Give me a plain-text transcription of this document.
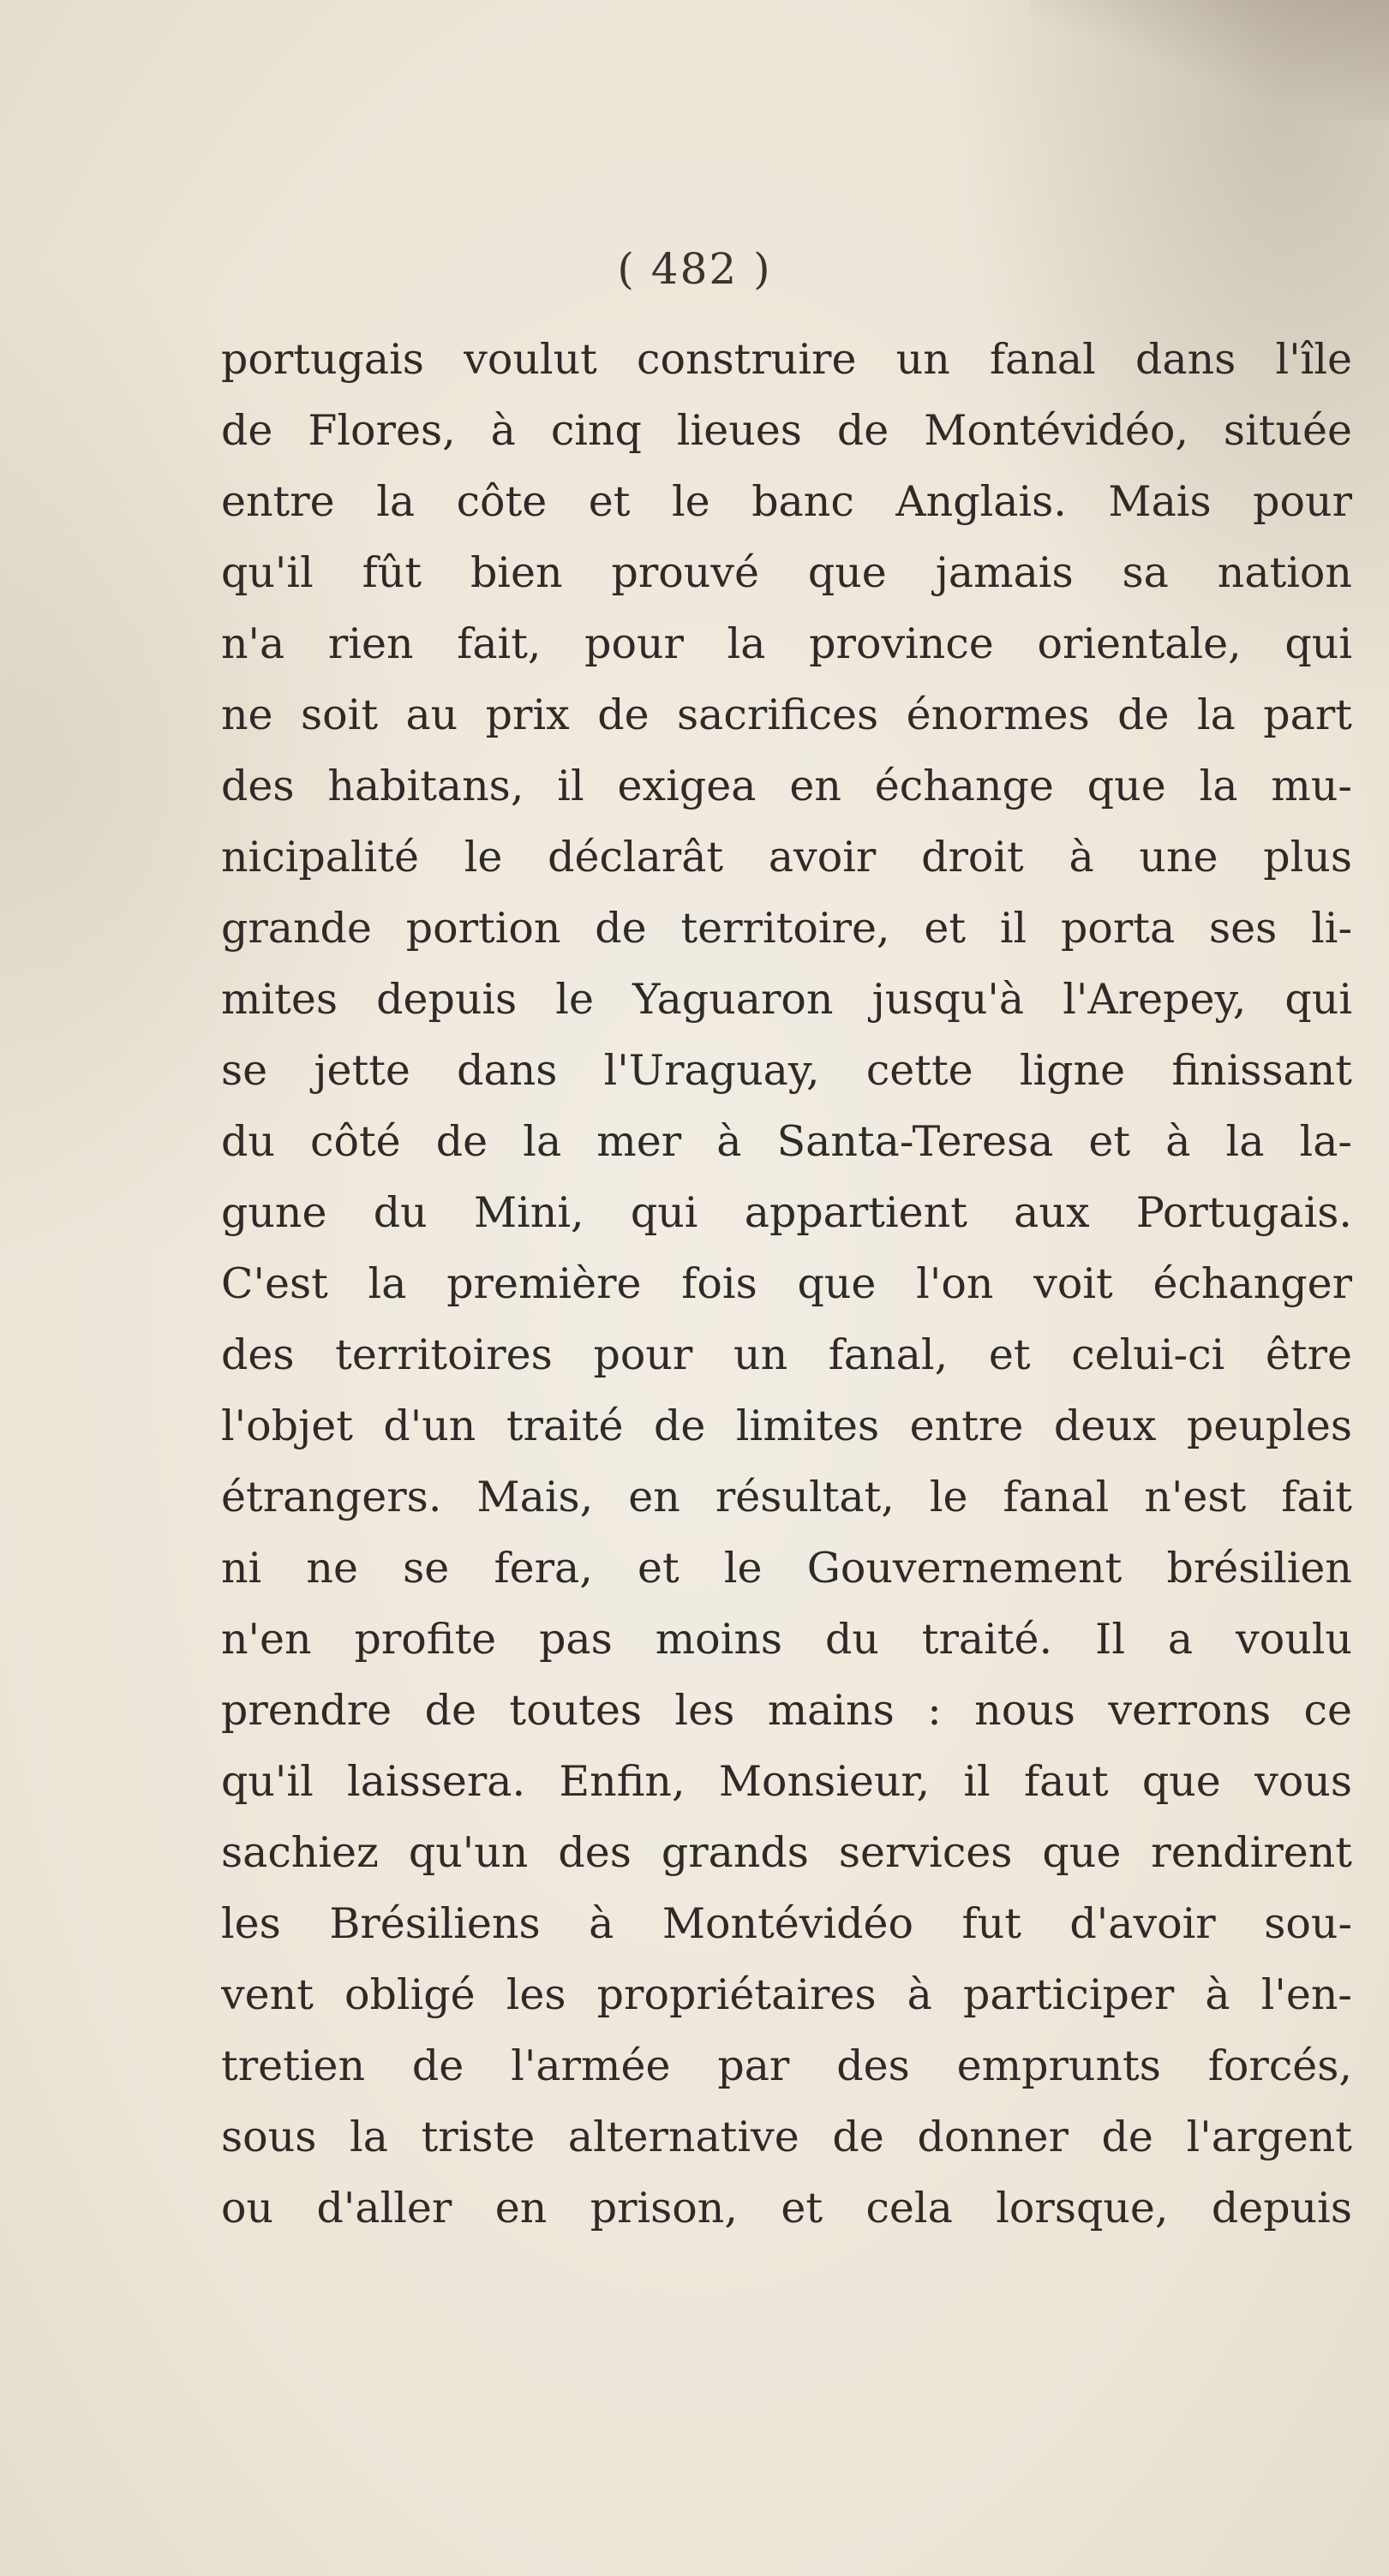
( 482 )
portugais voulut construire un fanal dans l'île
de Flores, à cinq lieues de Montévidéo, située
entre la côte et le banc Anglais. Mais pour
qu'il fût bien prouvé que jamais sa nation
n'a rien fait, pour la province orientale, qui
ne soit au prix de sacrifices énormes de la part
des habitans, il exigea en échange que la mu-
nicipalité le déclarât avoir droit à une plus
grande portion de territoire, et il porta ses li-
mites depuis le Yaguaron jusqu'à l'Arepey, qui
se jette dans l'Uraguay, cette ligne finissant
du côté de la mer à Santa-Teresa et à la la-
gune du Mini, qui appartient aux Portugais.
C'est la première fois que l'on voit échanger
des territoires pour un fanal, et celui-ci être
l'objet d'un traité de limites entre deux peuples
étrangers. Mais, en résultat, le fanal n'est fait
ni ne se fera, et le Gouvernement brésilien
n'en profite pas moins du traité. Il a voulu
prendre de toutes les mains : nous verrons ce
qu'il laissera. Enfin, Monsieur, il faut que vous
sachiez qu'un des grands services que rendirent
les Brésiliens à Montévidéo fut d'avoir sou-
vent obligé les propriétaires à participer à l'en-
tretien de l'armée par des emprunts forcés,
sous la triste alternative de donner de l'argent
ou d'aller en prison, et cela lorsque, depuis
